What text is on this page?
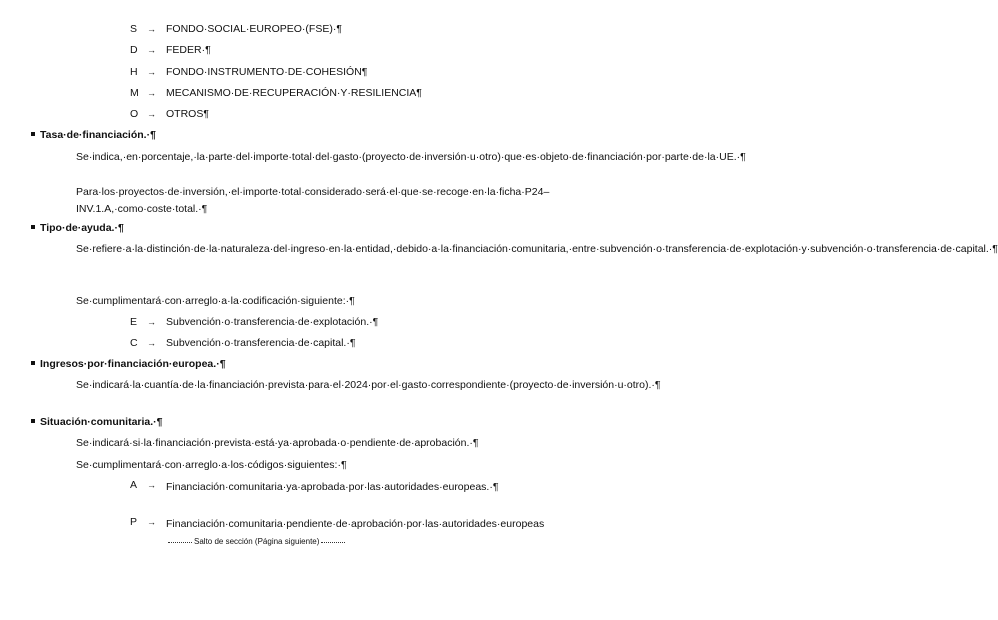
S	→ FONDO·SOCIAL·EUROPEO·(FSE)·¶
D	→ FEDER·¶
H	→ FONDO·INSTRUMENTO·DE·COHESIÓN¶
M → MECANISMO·DE·RECUPERACIÓN·Y·RESILIENCIA¶
O → OTROS¶
Tasa·de·financiación.·¶
Se·indica,·en·porcentaje,·la·parte·del·importe·total·del·gasto·(proyecto·de·inversión·u·otro)·que·es·objeto·de·financiación·por·parte·de·la·UE.·¶
Para·los·proyectos·de·inversión,·el·importe·total·considerado·será·el·que·se·recoge·en·la·ficha·P24–INV.1.A,·como·coste·total.·¶
Tipo·de·ayuda.·¶
Se·refiere·a·la·distinción·de·la·naturaleza·del·ingreso·en·la·entidad,·debido·a·la·financiación·comunitaria,·entre·subvención·o·transferencia·de·explotación·y·subvención·o·transferencia·de·capital.·¶
Se·cumplimentará·con·arreglo·a·la·codificación·siguiente:·¶
E	→ Subvención·o·transferencia·de·explotación.·¶
C	→ Subvención·o·transferencia·de·capital.·¶
Ingresos·por·financiación·europea.·¶
Se·indicará·la·cuantía·de·la·financiación·prevista·para·el·2024·por·el·gasto·correspondiente·(proyecto·de·inversión·u·otro).·¶
Situación·comunitaria.·¶
Se·indicará·si·la·financiación·prevista·está·ya·aprobada·o·pendiente·de·aprobación.·¶
Se·cumplimentará·con·arreglo·a·los·códigos·siguientes:·¶
A	→ Financiación·comunitaria·ya·aprobada·por·las·autoridades·europeas.·¶
P	→ Financiación·comunitaria·pendiente·de·aprobación·por·las·autoridades·europeasSalto de sección (Página siguiente)
